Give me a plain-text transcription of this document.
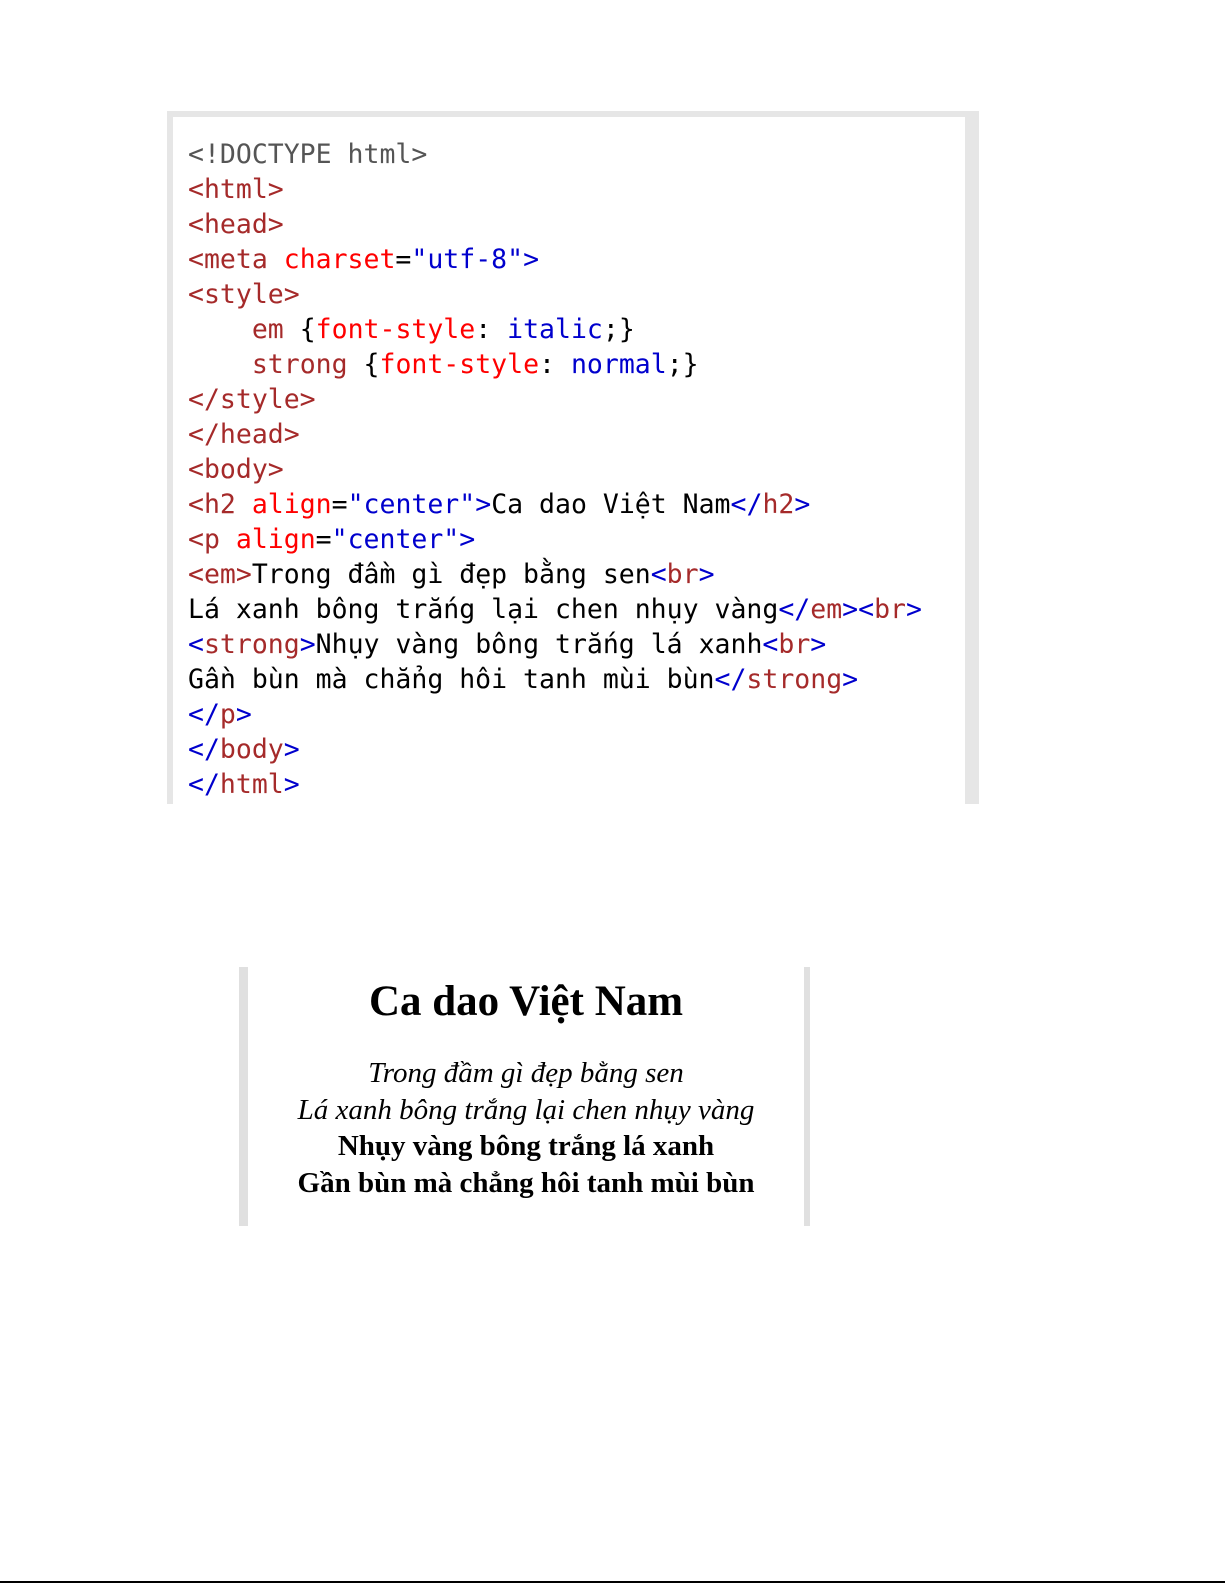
<!DOCTYPE html>
<html>
<head>
<meta charset="utf-8">
<style>
em {font-style: italic;}
strong {font-style: normal;}
</style>
</head>
<body>
<h2 align="center">Ca dao Việt Nam</h2>
<p align="center">
<em>Trong đầm gì đẹp bằng sen<br>
Lá xanh bông trắng lại chen nhụy vàng</em><br>
<strong>Nhụy vàng bông trắng lá xanh<br>
Gần bùn mà chẳng hôi tanh mùi bùn</strong>
</p>
</body>
</html>
Ca dao Việt Nam

Trong đầm gì đẹp bằng sen
Lá xanh bông trắng lại chen nhụy vàng
Nhụy vàng bông trắng lá xanh
Gần bùn mà chẳng hôi tanh mùi bùn
